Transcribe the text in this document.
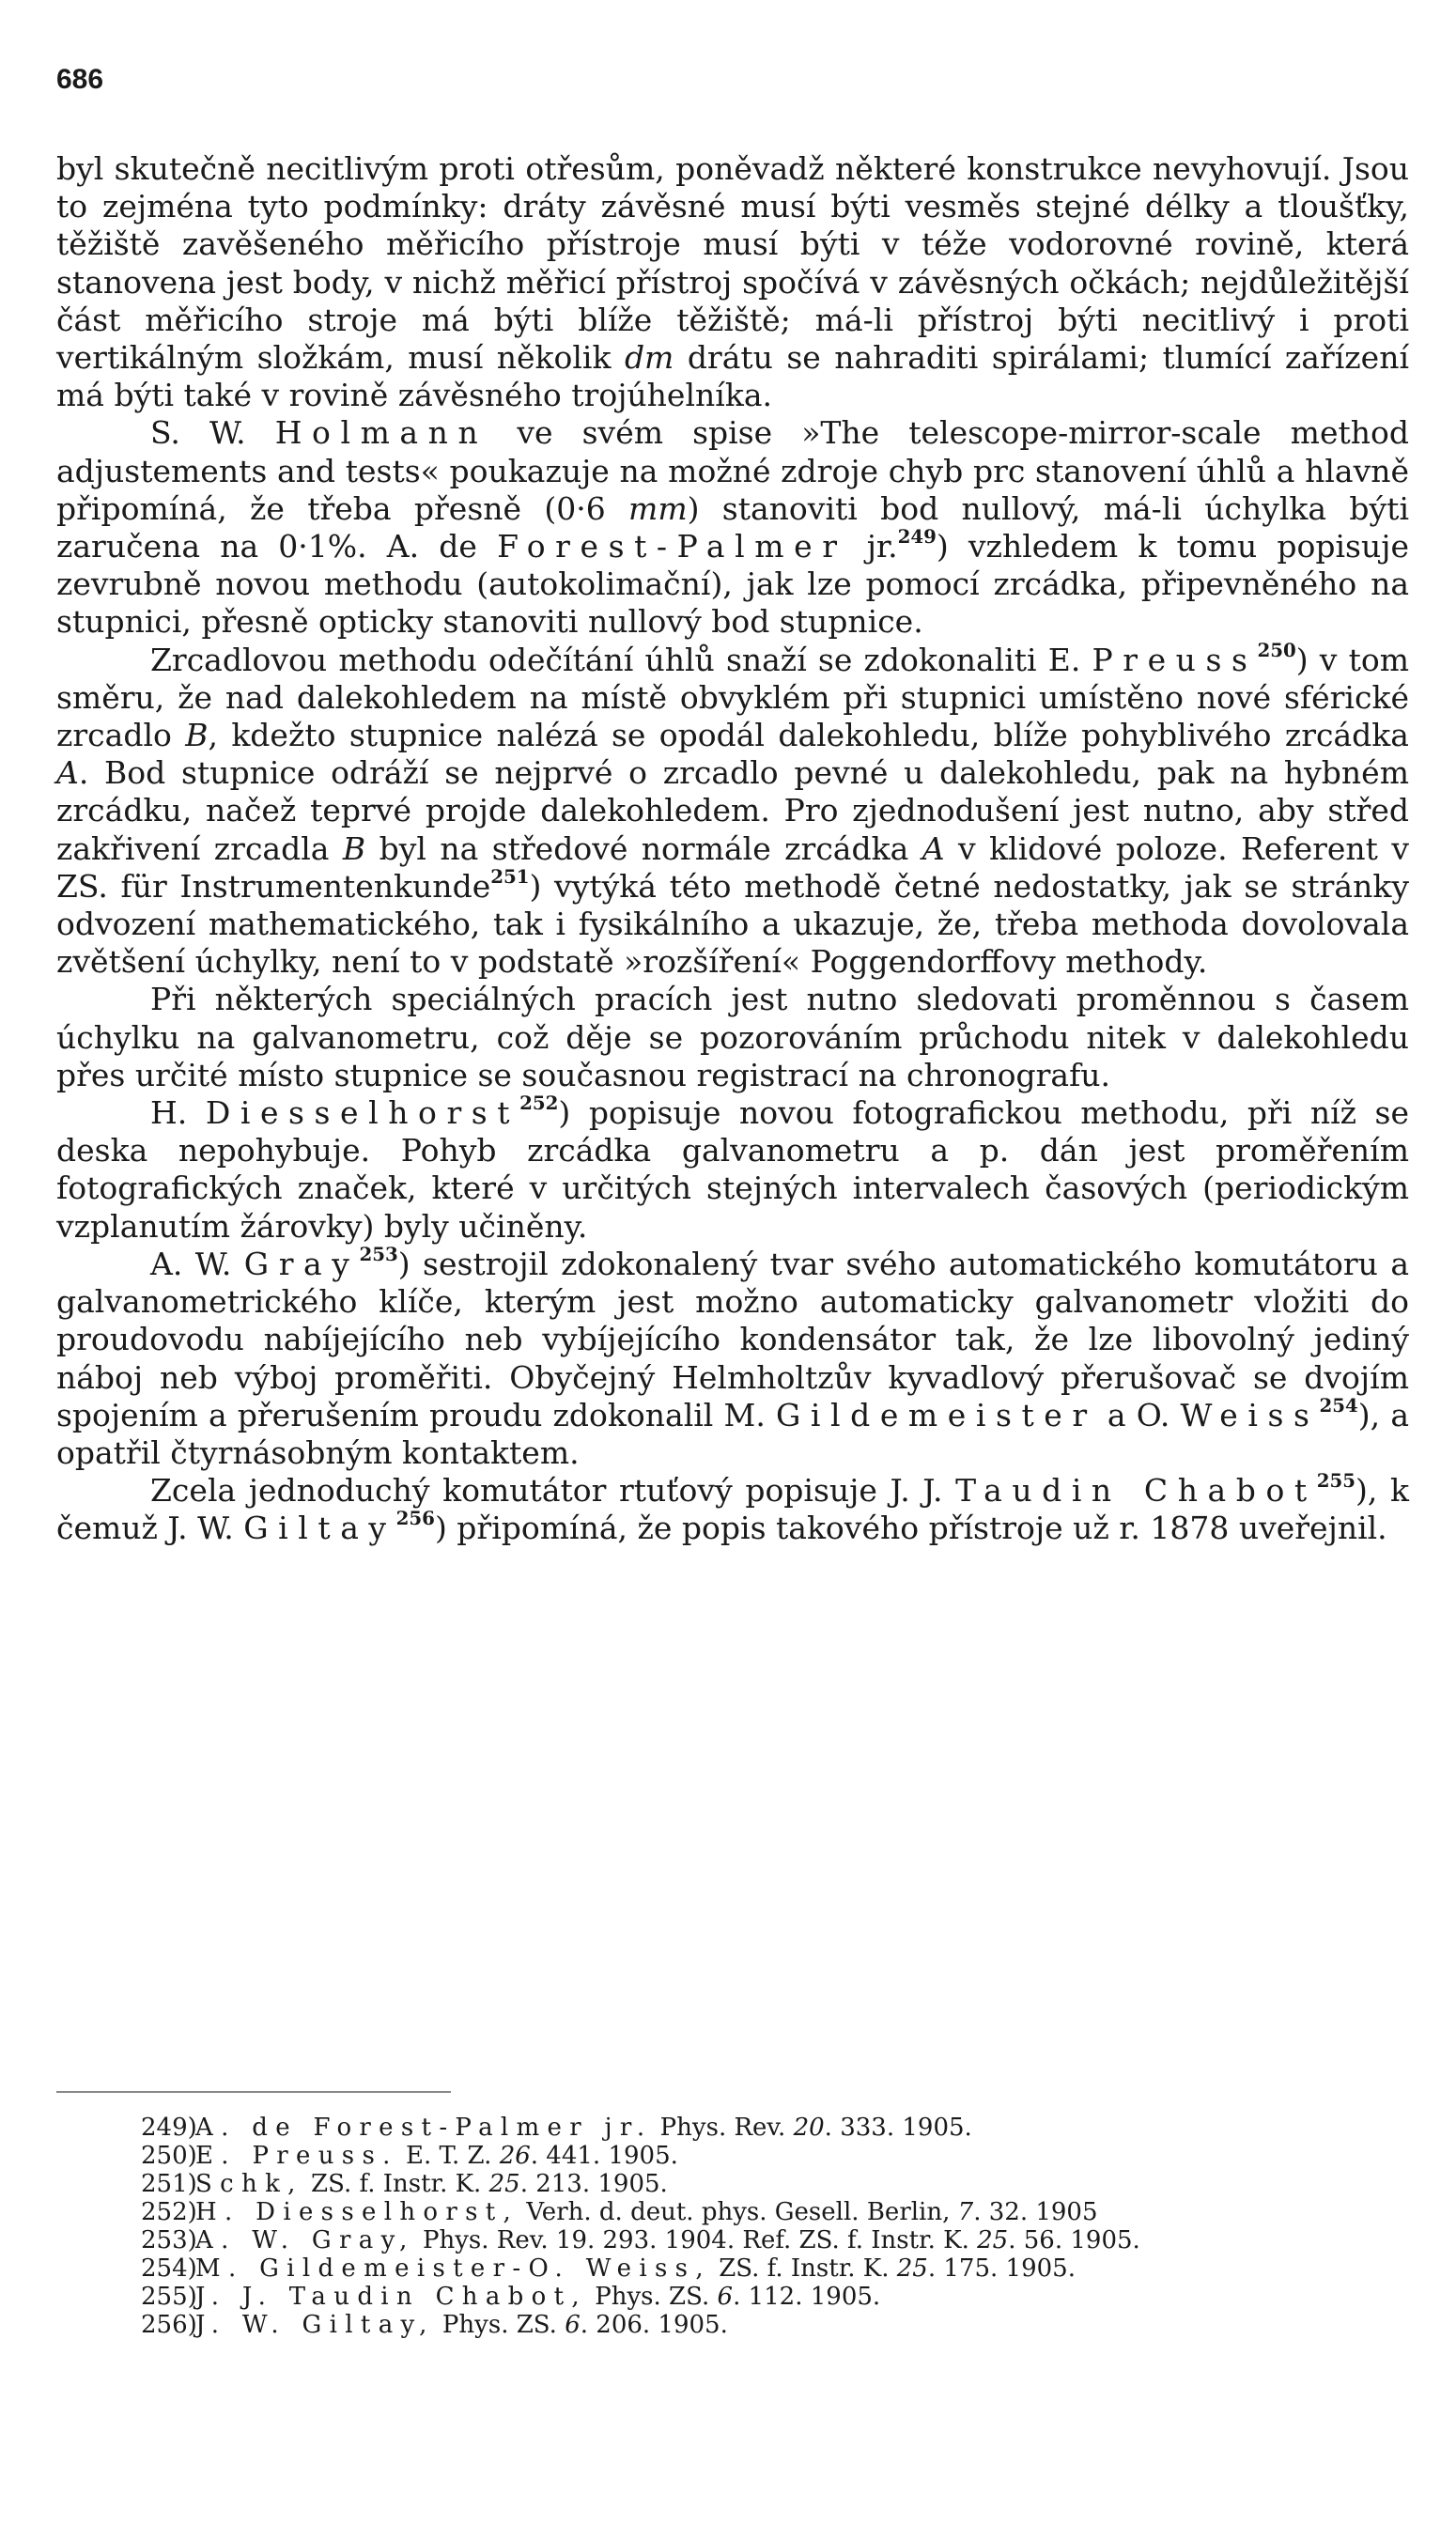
686

byl skutečně necitlivým proti otřesům, poněvadž některé konstrukce nevyhovují. Jsou to zejména tyto podmínky: dráty závěsné musí býti vesměs stejné délky a tloušťky, těžiště zavěšeného měřicího přístroje musí býti v téže vodorovné rovině, která stanovena jest body, v nichž měřicí přístroj spočívá v závěsných očkách; nejdůležitější část měřicího stroje má býti blíže těžiště; má-li přístroj býti necitlivý i proti vertikálným složkám, musí několik dm drátu se nahraditi spirálami; tlumící zařízení má býti také v rovině závěsného trojúhelníka.

S. W. Holmann ve svém spise »The telescope-mirror-scale method adjustements and tests« poukazuje na možné zdroje chyb prc stanovení úhlů a hlavně připomíná, že třeba přesně (0·6 mm) stanoviti bod nullový, má-li úchylka býti zaručena na 0·1%. A. de Forest-Palmer jr.$^{249}$) vzhledem k tomu popisuje zevrubně novou methodu (autokolimační), jak lze pomocí zrcádka, připevněného na stupnici, přesně opticky stanoviti nullový bod stupnice.

Zrcadlovou methodu odečítání úhlů snaží se zdokonaliti E. Preuss$^{250}$) v tom směru, že nad dalekohledem na místě obvyklém při stupnici umístěno nové sférické zrcadlo B, kdežto stupnice nalézá se opodál dalekohledu, blíže pohyblivého zrcádka A. Bod stupnice odráží se nejprvé o zrcadlo pevné u dalekohledu, pak na hybném zrcádku, načež teprvé projde dalekohledem. Pro zjednodušení jest nutno, aby střed zakřivení zrcadla B byl na středové normále zrcádka A v klidové poloze. Referent v ZS. für Instrumentenkunde$^{251}$) vytýká této methodě četné nedostatky, jak se stránky odvození mathematického, tak i fysikálního a ukazuje, že, třeba methoda dovolovala zvětšení úchylky, není to v podstatě »rozšíření« Poggendorffovy methody.

Při některých speciálných pracích jest nutno sledovati proměnnou s časem úchylku na galvanometru, což děje se pozorováním průchodu nitek v dalekohledu přes určité místo stupnice se současnou registrací na chronografu.

H. Diesselhorst$^{252}$) popisuje novou fotografickou methodu, při níž se deska nepohybuje. Pohyb zrcádka galvanometru a p. dán jest proměřením fotografických značek, které v určitých stejných intervalech časových (periodickým vzplanutím žárovky) byly učiněny.

A. W. Gray$^{253}$) sestrojil zdokonalený tvar svého automatického komutátoru a galvanometrického klíče, kterým jest možno automaticky galvanometr vložiti do proudovodu nabíjejícího neb vybíjejícího kondensátor tak, že lze libovolný jediný náboj neb výboj proměřiti. Obyčejný Helmholtzův kyvadlový přerušovač se dvojím spojením a přerušením proudu zdokonalil M. Gildemeister a O. Weiss$^{254}$), a opatřil čtyrnásobným kontaktem.

Zcela jednoduchý komutátor rtuťový popisuje J. J. Taudin Chabot$^{255}$), k čemuž J. W. Giltay$^{256}$) připomíná, že popis takového přístroje už r. 1878 uveřejnil.

249)A. de Forest-Palmer jr. Phys. Rev. 20. 333. 1905.
250)E. Preuss. E. T. Z. 26. 441. 1905.
251)Schk, ZS. f. Instr. K. 25. 213. 1905.
252)H. Diesselhorst, Verh. d. deut. phys. Gesell. Berlin, 7. 32. 1905
253)A. W. Gray, Phys. Rev. 19. 293. 1904. Ref. ZS. f. Instr. K. 25. 56. 1905.
254)M. Gildemeister-O. Weiss, ZS. f. Instr. K. 25. 175. 1905.
255)J. J. Taudin Chabot, Phys. ZS. 6. 112. 1905.
256)J. W. Giltay, Phys. ZS. 6. 206. 1905.
